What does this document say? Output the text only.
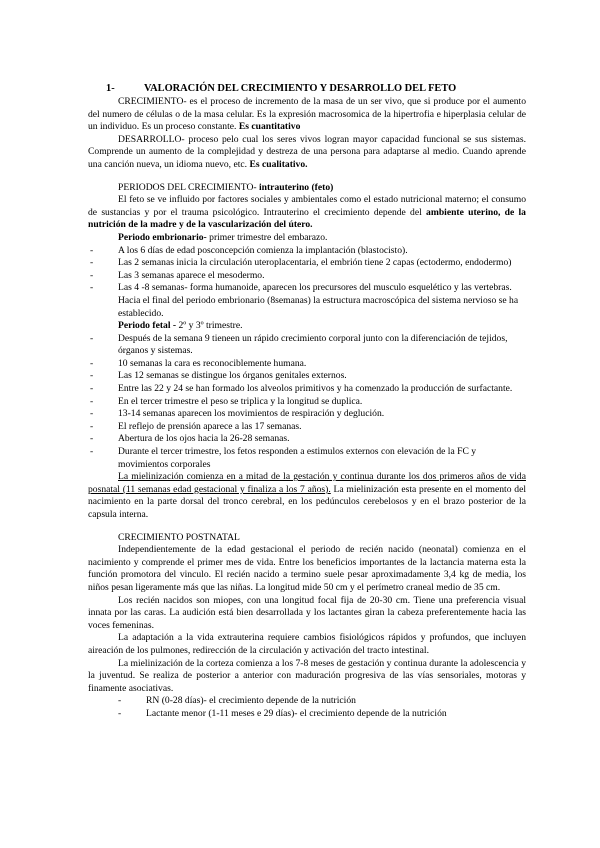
1-	VALORACIÓN DEL CRECIMIENTO Y DESARROLLO DEL FETO

CRECIMIENTO- es el proceso de incremento de la masa de un ser vivo, que si produce por el aumento del numero de células o de la masa celular. Es la expresión macrosomica de la hipertrofia e hiperplasia celular de un individuo. Es un proceso constante. Es cuantitativo

DESARROLLO- proceso pelo cual los seres vivos logran mayor capacidad funcional se sus sistemas. Comprende un aumento de la complejidad y destreza de una persona para adaptarse al medio. Cuando aprende una canción nueva, un idioma nuevo, etc. Es cualitativo.

PERIODOS DEL CRECIMIENTO- intrauterino (feto)

El feto se ve influido por factores sociales y ambientales como el estado nutricional materno; el consumo de sustancias y por el trauma psicológico. Intrauterino el crecimiento depende del ambiente uterino, de la nutrición de la madre y de la vascularización del útero.

Periodo embrionario- primer trimestre del embarazo.

-	A los 6 días de edad posconcepción comienza la implantación (blastocisto).
-	Las 2 semanas inicia la circulación uteroplacentaria, el embrión tiene 2 capas (ectodermo, endodermo)
-	Las 3 semanas aparece el mesodermo.
-	Las 4 -8 semanas- forma humanoide, aparecen los precursores del musculo esquelético y las vertebras. Hacia el final del periodo embrionario (8semanas) la estructura macroscópica del sistema nervioso se ha establecido.

Periodo fetal - 2º y 3º trimestre.

-	Después de la semana 9 tieneen un rápido crecimiento corporal junto con la diferenciación de tejidos, órganos y sistemas.
-	10 semanas la cara es reconociblemente humana.
-	Las 12 semanas se distingue los órganos genitales externos.
-	Entre las 22 y 24 se han formado los alveolos primitivos y ha comenzado la producción de surfactante.
-	En el tercer trimestre el peso se triplica y la longitud se duplica.
-	13-14 semanas aparecen los movimientos de respiración y deglución.
-	El reflejo de prensión aparece a las 17 semanas.
-	Abertura de los ojos hacia la 26-28 semanas.
-	Durante el tercer trimestre, los fetos responden a estimulos externos con elevación de la FC y movimientos corporales

La mielinización comienza en a mitad de la gestación y continua durante los dos primeros años de vida posnatal (11 semanas edad gestacional y finaliza a los 7 años). La mielinización esta presente en el momento del nacimiento en la parte dorsal del tronco cerebral, en los pedúnculos cerebelosos y en el brazo posterior de la capsula interna.

CRECIMIENTO POSTNATAL

Independientemente de la edad gestacional el periodo de recién nacido (neonatal) comienza en el nacimiento y comprende el primer mes de vida. Entre los beneficios importantes de la lactancia materna esta la función promotora del vinculo. El recién nacido a termino suele pesar aproximadamente 3,4 kg de media, los niños pesan ligeramente más que las niñas. La longitud mide 50 cm y el perímetro craneal medio de 35 cm.

Los recién nacidos son miopes, con una longitud focal fija de 20-30 cm. Tiene una preferencia visual innata por las caras. La audición está bien desarrollada y los lactantes giran la cabeza preferentemente hacia las voces femeninas.

La adaptación a la vida extrauterina requiere cambios fisiológicos rápidos y profundos, que incluyen aireación de los pulmones, redirección de la circulación y activación del tracto intestinal.

La mielinización de la corteza comienza a los 7-8 meses de gestación y continua durante la adolescencia y la juventud. Se realiza de posterior a anterior con maduración progresiva de las vías sensoriales, motoras y finamente asociativas.

-	RN (0-28 días)- el crecimiento depende de la nutrición
-	Lactante menor (1-11 meses e 29 días)- el crecimiento depende de la nutrición
